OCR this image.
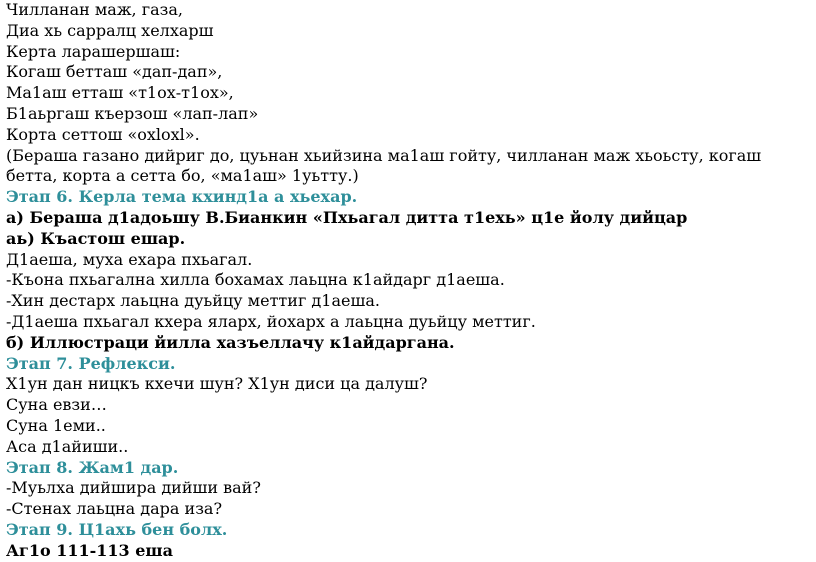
Чилланан маж, газа,
Диа хь сарралц хелхарш
Керта ларашершаш:
Когаш бетташ «дап-дап»,
Ма1аш етташ «т1ох-т1ох»,
Б1аьргаш къерзош «лап-лап»
Корта сеттош «oxloxl».
(Бераша газано дийриг до, цуьнан хьийзина ма1аш гойту, чилланан маж хьоьсту, когаш бетта, корта а сетта бо, «ма1аш» 1уьтту.)
Этап 6. Керла тема кхинд1а а хьехар.
а) Бераша д1адоьшу В.Бианкин «Пхьагал дитта т1ехь» ц1е йолу дийцар
аь) Къастош ешар.
Д1аеша, муха ехара пхьагал.
-Къона пхьагална хилла бохамах лаьцна к1айдарг д1аеша.
-Хин дестарх лаьцна дуьйцу меттиг д1аеша.
-Д1аеша пхьагал кхера яларх, йохарх а лаьцна дуьйцу меттиг.
б) Иллюстраци йилла хазъеллачу к1айдаргана.
Этап 7. Рефлекси.
Х1ун дан ницкъ кхечи шун? Х1ун диси ца далуш?
Суна евзи…
Суна 1еми..
Аса д1айиши..
Этап 8. Жам1 дар.
-Муьлха дийшира дийши вай?
-Стенах лаьцна дара иза?
Этап 9. Ц1ахь бен болх.
Аг1о 111-113 еша
